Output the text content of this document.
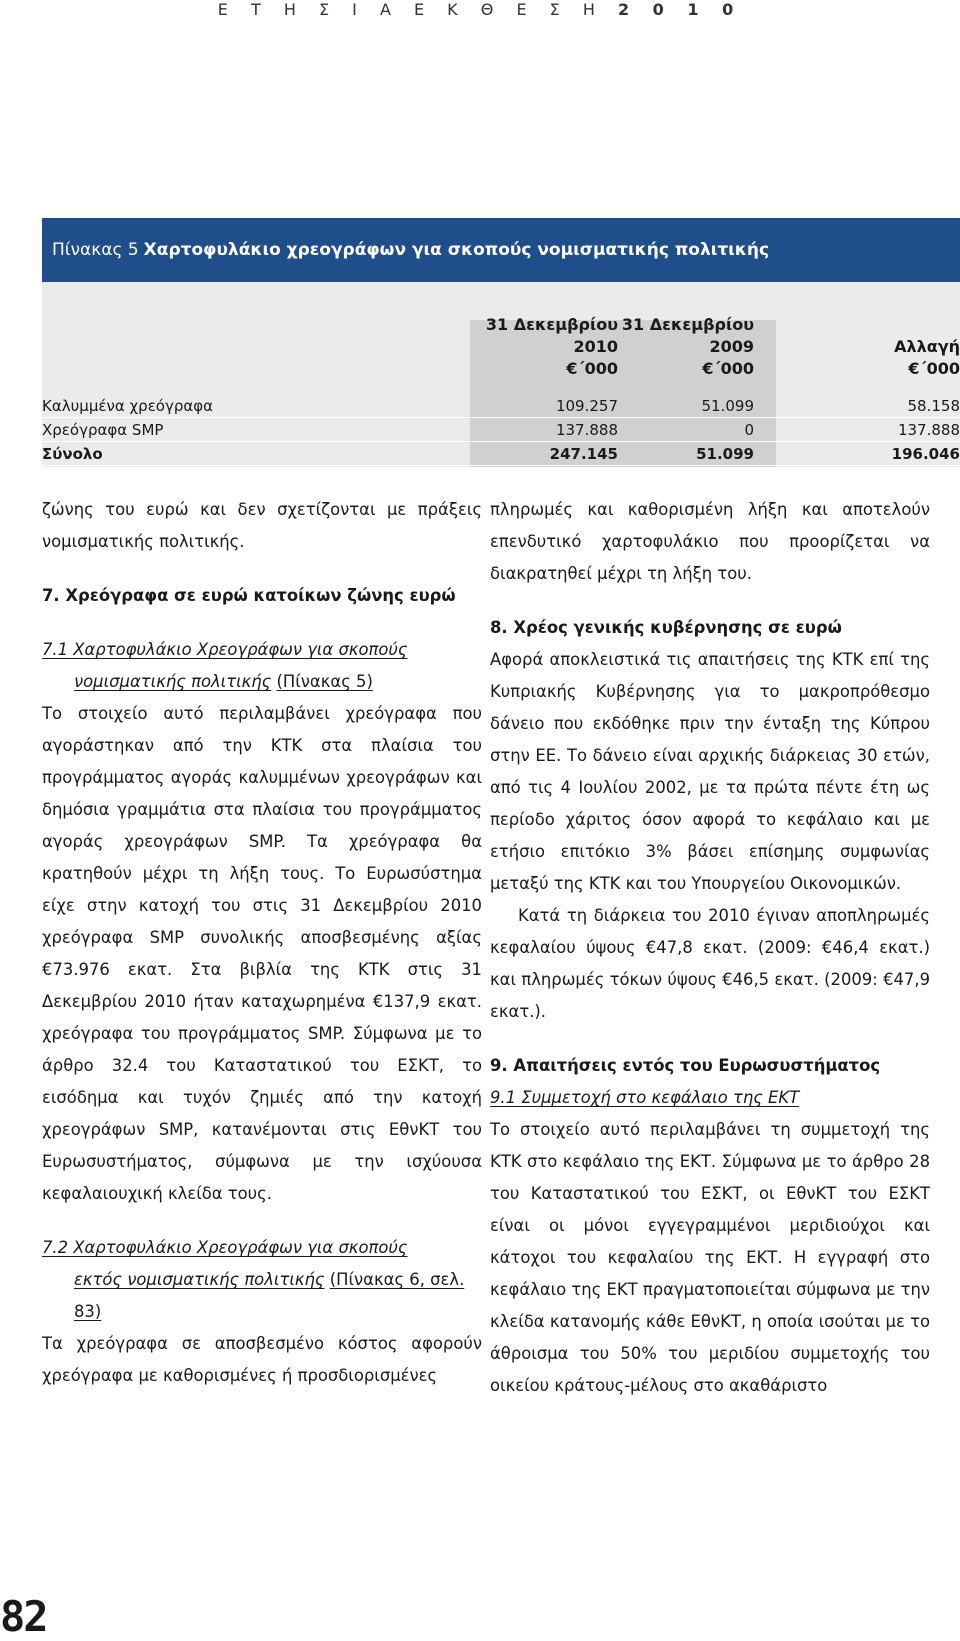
Ε Τ Η Σ Ι Α Ε Κ Θ Ε Σ Η 2 0 1 0
Πίνακας 5 Χαρτοφυλάκιο χρεογράφων για σκοπούς νομισματικής πολιτικής
31 Δεκεμβρίου
2010
€΄000
31 Δεκεμβρίου
2009
€΄000
Αλλαγή
€΄000
Καλυμμένα χρεόγραφα	109.257	51.099	58.158
Χρεόγραφα SMP	137.888	0	137.888
Σύνολο	247.145	51.099	196.046

ζώνης του ευρώ και δεν σχετίζονται με πράξεις νομισματικής πολιτικής.

7. Χρεόγραφα σε ευρώ κατοίκων ζώνης ευρώ
7.1 Χαρτοφυλάκιο Χρεογράφων για σκοπούς
νομισματικής πολιτικής (Πίνακας 5)

Το στοιχείο αυτό περιλαμβάνει χρεόγραφα που αγοράστηκαν από την ΚΤΚ στα πλαίσια του προγράμματος αγοράς καλυμμένων χρεογράφων και δημόσια γραμμάτια στα πλαίσια του προγράμματος αγοράς χρεογράφων SMP. Τα χρεόγραφα θα κρατηθούν μέχρι τη λήξη τους. Το Ευρωσύστημα είχε στην κατοχή του στις 31 Δεκεμβρίου 2010 χρεόγραφα SMP συνολικής αποσβεσμένης αξίας €73.976 εκατ. Στα βιβλία της ΚΤΚ στις 31 Δεκεμβρίου 2010 ήταν καταχωρημένα €137,9 εκατ. χρεόγραφα του προγράμματος SMP. Σύμφωνα με το άρθρο 32.4 του Καταστατικού του ΕΣΚΤ, το εισόδημα και τυχόν ζημιές από την κατοχή χρεογράφων SMP, κατανέμονται στις ΕθνΚΤ του Ευρωσυστήματος, σύμφωνα με την ισχύουσα κεφαλαιουχική κλείδα τους.

7.2 Χαρτοφυλάκιο Χρεογράφων για σκοπούς
εκτός νομισματικής πολιτικής (Πίνακας 6, σελ. 83)

Τα χρεόγραφα σε αποσβεσμένο κόστος αφορούν χρεόγραφα με καθορισμένες ή προσδιορισμένες

πληρωμές και καθορισμένη λήξη και αποτελούν επενδυτικό χαρτοφυλάκιο που προορίζεται να διακρατηθεί μέχρι τη λήξη του.

8. Χρέος γενικής κυβέρνησης σε ευρώ

Αφορά αποκλειστικά τις απαιτήσεις της ΚΤΚ επί της Κυπριακής Κυβέρνησης για το μακροπρόθεσμο δάνειο που εκδόθηκε πριν την ένταξη της Κύπρου στην ΕΕ. Το δάνειο είναι αρχικής διάρκειας 30 ετών, από τις 4 Ιουλίου 2002, με τα πρώτα πέντε έτη ως περίοδο χάριτος όσον αφορά το κεφάλαιο και με ετήσιο επιτόκιο 3% βάσει επίσημης συμφωνίας μεταξύ της ΚΤΚ και του Υπουργείου Οικονομικών.

Κατά τη διάρκεια του 2010 έγιναν αποπληρωμές κεφαλαίου ύψους €47,8 εκατ. (2009: €46,4 εκατ.) και πληρωμές τόκων ύψους €46,5 εκατ. (2009: €47,9 εκατ.).

9. Απαιτήσεις εντός του Ευρωσυστήματος
9.1 Συμμετοχή στο κεφάλαιο της ΕΚΤ

Το στοιχείο αυτό περιλαμβάνει τη συμμετοχή της ΚΤΚ στο κεφάλαιο της ΕΚΤ. Σύμφωνα με το άρθρο 28 του Καταστατικού του ΕΣΚΤ, οι ΕθνΚΤ του ΕΣΚΤ είναι οι μόνοι εγγεγραμμένοι μεριδιούχοι και κάτοχοι του κεφαλαίου της ΕΚΤ. Η εγγραφή στο κεφάλαιο της ΕΚΤ πραγματοποιείται σύμφωνα με την κλείδα κατανομής κάθε ΕθνΚΤ, η οποία ισούται με το άθροισμα του 50% του μεριδίου συμμετοχής του οικείου κράτους-μέλους στο ακαθάριστο

82
